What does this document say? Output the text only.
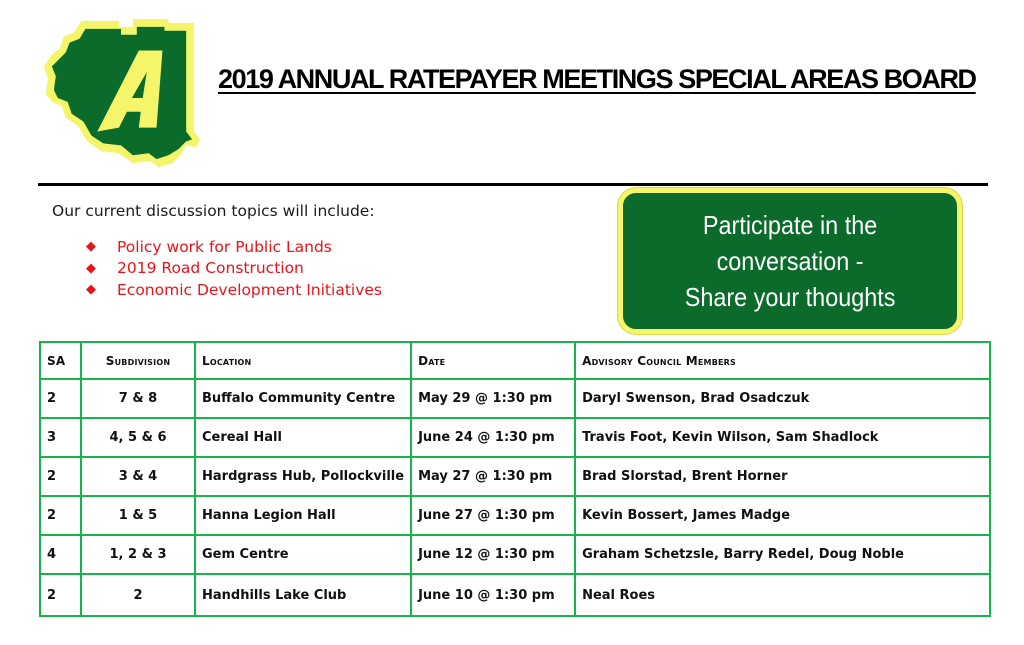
2019 ANNUAL RATEPAYER MEETINGS SPECIAL AREAS BOARD
Our current discussion topics will include:
◆	Policy work for Public Lands
◆	2019 Road Construction
◆	Economic Development Initiatives
Participate in the
conversation -
Share your thoughts
SA	Subdivision	Location	Date	Advisory Council Members
2	7 & 8	Buffalo Community Centre	May 29 @ 1:30 pm	Daryl Swenson, Brad Osadczuk
3	4, 5 & 6	Cereal Hall	June 24 @ 1:30 pm	Travis Foot, Kevin Wilson, Sam Shadlock
2	3 & 4	Hardgrass Hub, Pollockville	May 27 @ 1:30 pm	Brad Slorstad, Brent Horner
2	1 & 5	Hanna Legion Hall	June 27 @ 1:30 pm	Kevin Bossert, James Madge
4	1, 2 & 3	Gem Centre	June 12 @ 1:30 pm	Graham Schetzsle, Barry Redel, Doug Noble
2	2	Handhills Lake Club	June 10 @ 1:30 pm	Neal Roes
